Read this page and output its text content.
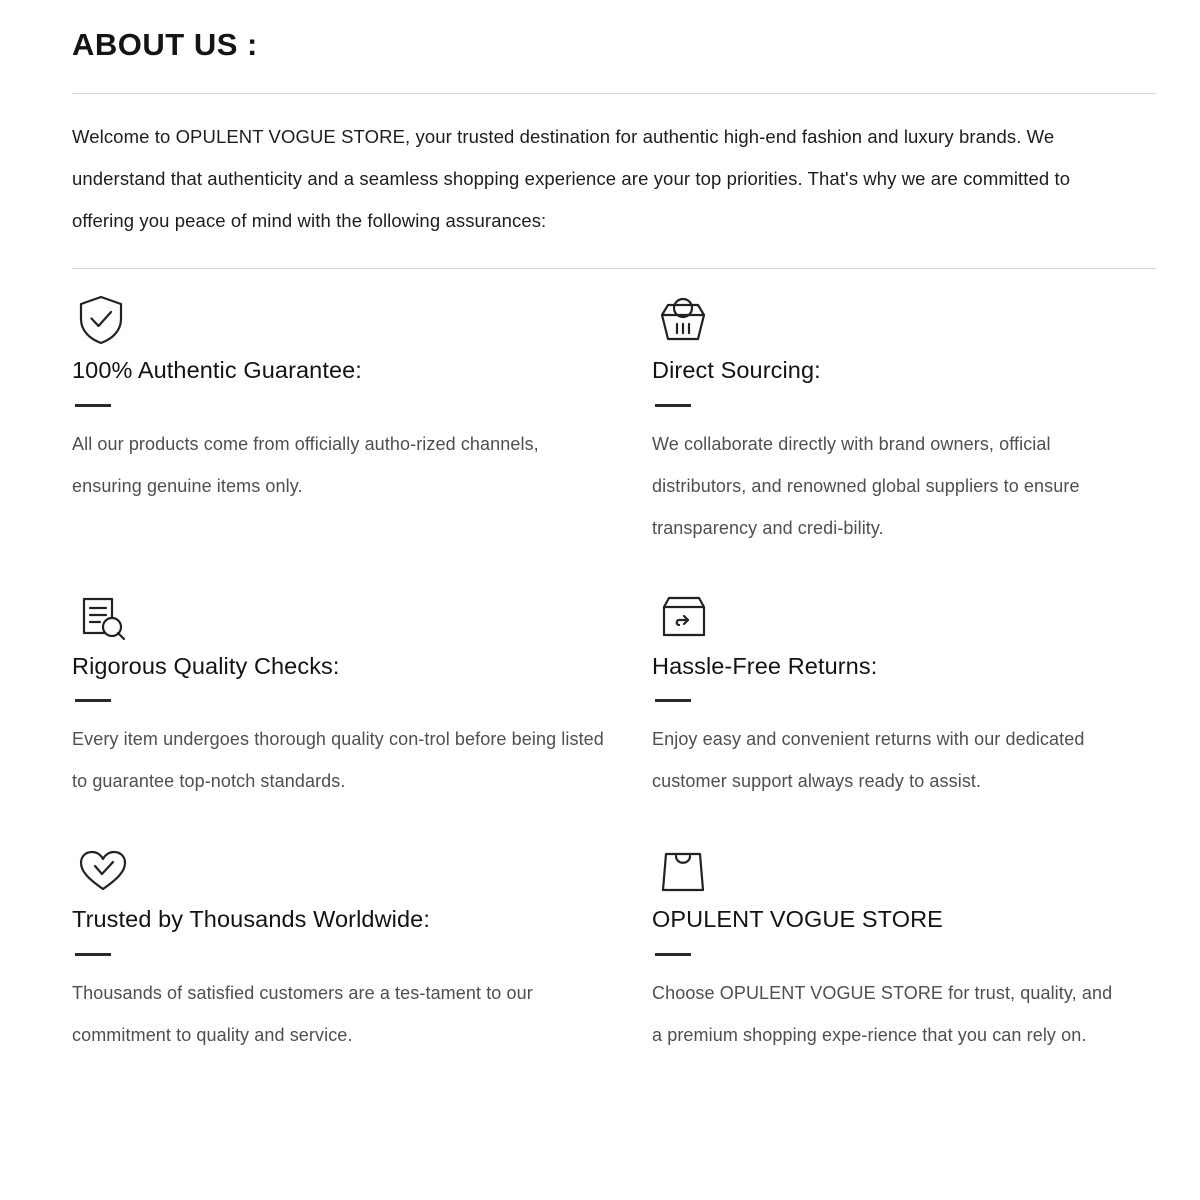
ABOUT US :

Welcome to OPULENT VOGUE STORE, your trusted destination for authentic high-end fashion and luxury brands. We understand that authenticity and a seamless shopping experience are your top priorities. That's why we are committed to offering you peace of mind with the following assurances:

100% Authentic Guarantee:

All our products come from officially autho-rized channels, ensuring genuine items only.

Direct Sourcing:

We collaborate directly with brand owners, official distributors, and renowned global suppliers to ensure transparency and credi-bility.

Rigorous Quality Checks:

Every item undergoes thorough quality con-trol before being listed to guarantee top-notch standards.

Hassle-Free Returns:

Enjoy easy and convenient returns with our dedicated customer support always ready to assist.

Trusted by Thousands Worldwide:

Thousands of satisfied customers are a tes-tament to our commitment to quality and service.

OPULENT VOGUE STORE

Choose OPULENT VOGUE STORE for trust, quality, and a premium shopping expe-rience that you can rely on.
